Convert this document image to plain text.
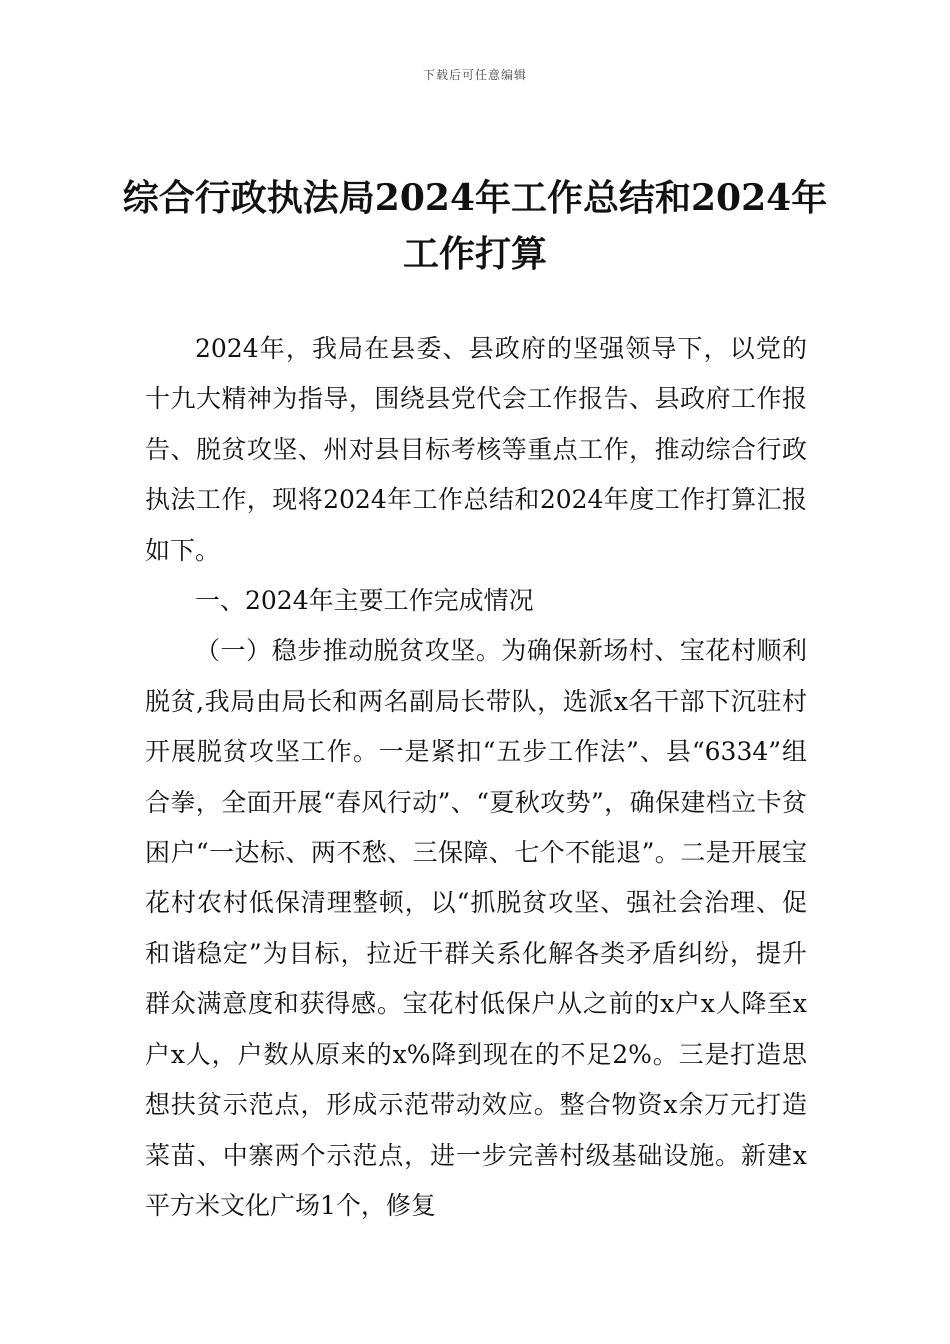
下载后可任意编辑
综合行政执法局2024年工作总结和2024年
工作打算

2024年，我局在县委、县政府的坚强领导下，以党的十九大精神为指导，围绕县党代会工作报告、县政府工作报告、脱贫攻坚、州对县目标考核等重点工作，推动综合行政执法工作，现将2024年工作总结和2024年度工作打算汇报如下。

一、2024年主要工作完成情况

（一）稳步推动脱贫攻坚。为确保新场村、宝花村顺利脱贫,我局由局长和两名副局长带队，选派x名干部下沉驻村开展脱贫攻坚工作。一是紧扣“五步工作法”、县“6334”组合拳，全面开展“春风行动”、“夏秋攻势”，确保建档立卡贫困户“一达标、两不愁、三保障、七个不能退”。二是开展宝花村农村低保清理整顿，以“抓脱贫攻坚、强社会治理、促和谐稳定”为目标，拉近干群关系化解各类矛盾纠纷，提升群众满意度和获得感。宝花村低保户从之前的x户x人降至x户x人，户数从原来的x%降到现在的不足2%。三是打造思想扶贫示范点，形成示范带动效应。整合物资x余万元打造菜苗、中寨两个示范点，进一步完善村级基础设施。新建x平方米文化广场1个，修复
